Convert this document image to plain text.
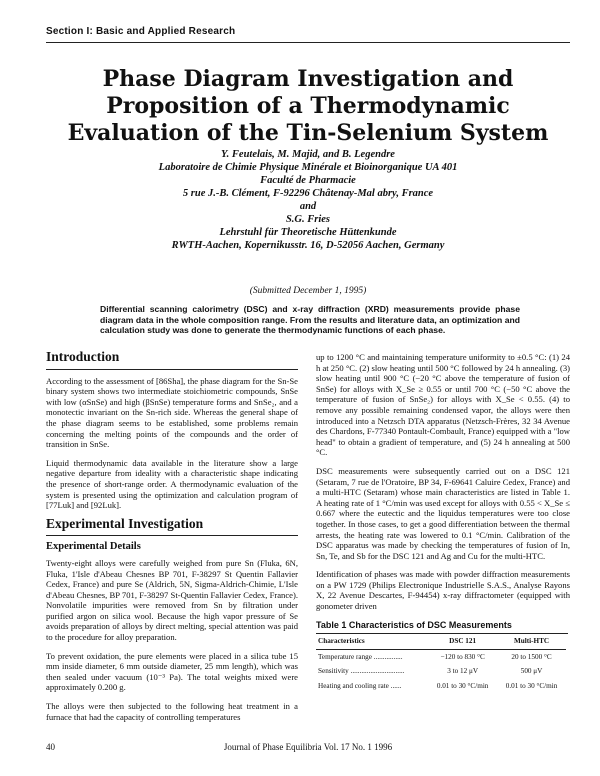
Section I: Basic and Applied Research
Phase Diagram Investigation and
Proposition of a Thermodynamic
Evaluation of the Tin-Selenium System
Y. Feutelais, M. Majid, and B. Legendre
Laboratoire de Chimie Physique Minérale et Bioinorganique UA 401
Faculté de Pharmacie
5 rue J.-B. Clément, F-92296 Châtenay-Mal abry, France
and
S.G. Fries
Lehrstuhl für Theoretische Hüttenkunde
RWTH-Aachen, Kopernikusstr. 16, D-52056 Aachen, Germany
(Submitted December 1, 1995)
Differential scanning calorimetry (DSC) and x-ray diffraction (XRD) measurements provide phase diagram data in the whole composition range. From the results and literature data, an optimization and calculation study was done to generate the thermodynamic functions of each phase.
Introduction

According to the assessment of [86Sha], the phase diagram for the Sn-Se binary system shows two intermediate stoichiometric compounds, SnSe with low (αSnSe) and high (βSnSe) temperature forms and SnSe₂, and a monotectic invariant on the Sn-rich side. Whereas the general shape of the phase diagram seems to be established, some problems remain concerning the melting points of the compounds and the order of transition in SnSe.

Liquid thermodynamic data available in the literature show a large negative departure from ideality with a characteristic shape indicating the presence of short-range order. A thermodynamic evaluation of the system is presented using the optimization and calculation program of [77Luk] and [92Luk].

Experimental Investigation
Experimental Details

Twenty-eight alloys were carefully weighed from pure Sn (Fluka, 6N, Fluka, 1'Isle d'Abeau Chesnes BP 701, F-38297 St Quentin Fallavier Cedex, France) and pure Se (Aldrich, 5N, Sigma-Aldrich-Chimie, L'Isle d'Abeau Chesnes, BP 701, F-38297 St-Quentin Fallavier Cedex, France). Nonvolatile impurities were removed from Sn by filtration under purified argon on silica wool. Because the high vapor pressure of Se avoids preparation of alloys by direct melting, special attention was paid to the procedure for alloy preparation.

To prevent oxidation, the pure elements were placed in a silica tube 15 mm inside diameter, 6 mm outside diameter, 25 mm length), which was then sealed under vacuum (10⁻³ Pa). The total weights mixed were approximately 0.200 g.

The alloys were then subjected to the following heat treatment in a furnace that had the capacity of controlling temperatures

up to 1200 °C and maintaining temperature uniformity to ±0.5 °C: (1) 24 h at 250 °C. (2) slow heating until 500 °C followed by 24 h annealing. (3) slow heating until 900 °C (−20 °C above the temperature of fusion of SnSe) for alloys with X_Se ≥ 0.55 or until 700 °C (−50 °C above the temperature of fusion of SnSe₂) for alloys with X_Se < 0.55. (4) to remove any possible remaining condensed vapor, the alloys were then introduced into a Netzsch DTA apparatus (Netzsch-Frères, 32 34 Avenue des Chardons, F-77340 Pontault-Combault, France) equipped with a "low head" to obtain a gradient of temperature, and (5) 24 h annealing at 500 °C.

DSC measurements were subsequently carried out on a DSC 121 (Setaram, 7 rue de l'Oratoire, BP 34, F-69641 Caluire Cedex, France) and a multi-HTC (Setaram) whose main characteristics are listed in Table 1. A heating rate of 1 °C/min was used except for alloys with 0.55 < X_Se ≤ 0.667 where the eutectic and the liquidus temperatures were too close together. In those cases, to get a good differentiation between the thermal arrests, the heating rate was lowered to 0.1 °C/min. Calibration of the DSC apparatus was made by checking the temperatures of fusion of In, Sn, Te, and Sb for the DSC 121 and Ag and Cu for the multi-HTC.

Identification of phases was made with powder diffraction measurements on a PW 1729 (Philips Electronique Industrielle S.A.S., Analyse Rayons X, 22 Avenue Descartes, F-94454) x-ray diffractometer (equipped with gonometer driven

Table 1 Characteristics of DSC Measurements
Characteristics	DSC 121	Multi-HTC
Temperature range ................	−120 to 830 °C	20 to 1500 °C
Sensitivity ..............................	3 to 12 μV	500 μV
Heating and cooling rate ......	0.01 to 30 °C/min	0.01 to 30 °C/min
40	Journal of Phase Equilibria Vol. 17 No. 1 1996
